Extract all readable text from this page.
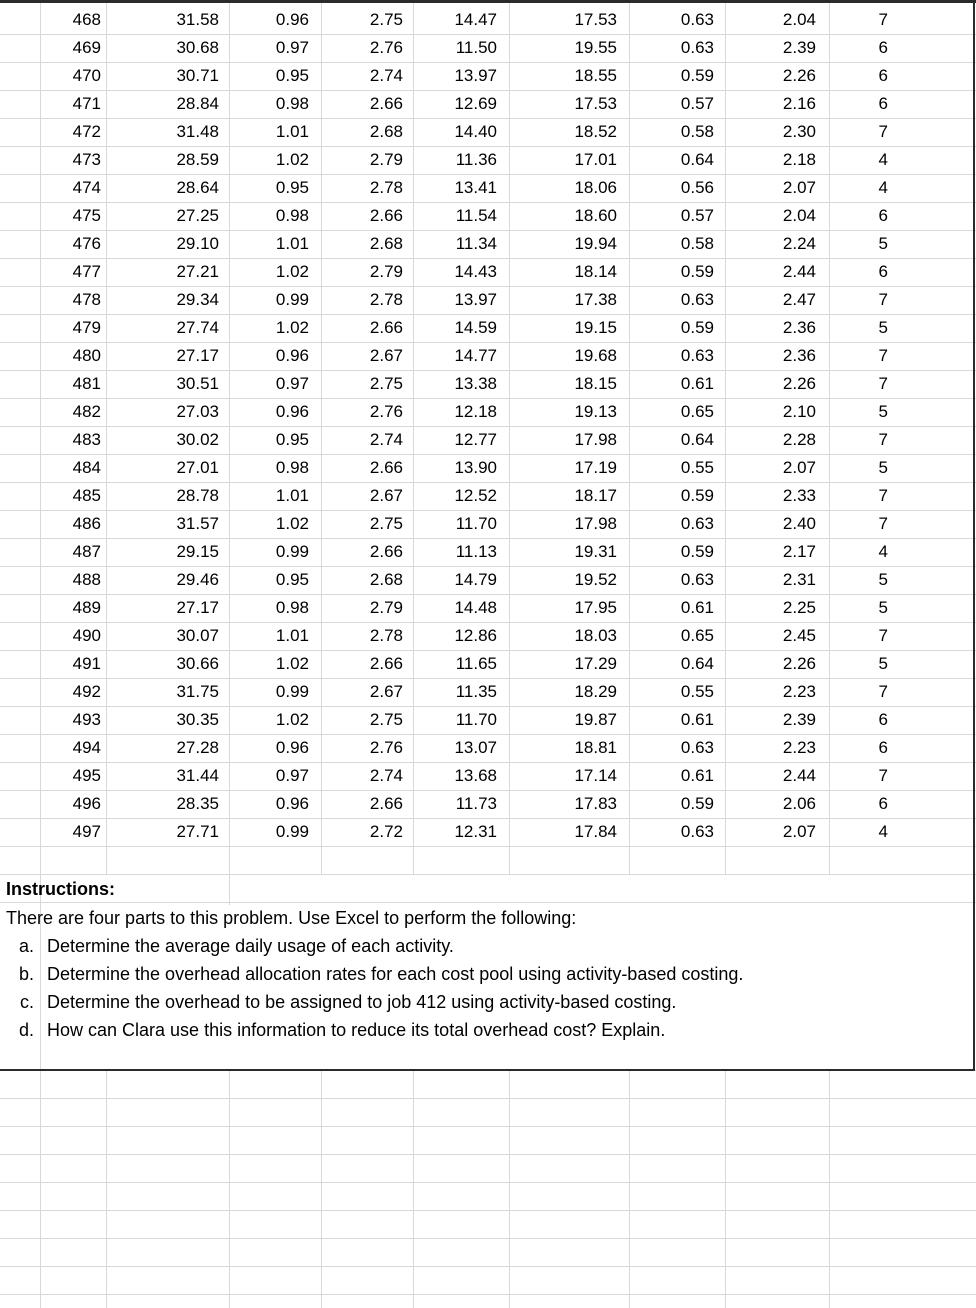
468	31.58	0.96	2.75	14.47	17.53	0.63	2.04	7
469	30.68	0.97	2.76	11.50	19.55	0.63	2.39	6
470	30.71	0.95	2.74	13.97	18.55	0.59	2.26	6
471	28.84	0.98	2.66	12.69	17.53	0.57	2.16	6
472	31.48	1.01	2.68	14.40	18.52	0.58	2.30	7
473	28.59	1.02	2.79	11.36	17.01	0.64	2.18	4
474	28.64	0.95	2.78	13.41	18.06	0.56	2.07	4
475	27.25	0.98	2.66	11.54	18.60	0.57	2.04	6
476	29.10	1.01	2.68	11.34	19.94	0.58	2.24	5
477	27.21	1.02	2.79	14.43	18.14	0.59	2.44	6
478	29.34	0.99	2.78	13.97	17.38	0.63	2.47	7
479	27.74	1.02	2.66	14.59	19.15	0.59	2.36	5
480	27.17	0.96	2.67	14.77	19.68	0.63	2.36	7
481	30.51	0.97	2.75	13.38	18.15	0.61	2.26	7
482	27.03	0.96	2.76	12.18	19.13	0.65	2.10	5
483	30.02	0.95	2.74	12.77	17.98	0.64	2.28	7
484	27.01	0.98	2.66	13.90	17.19	0.55	2.07	5
485	28.78	1.01	2.67	12.52	18.17	0.59	2.33	7
486	31.57	1.02	2.75	11.70	17.98	0.63	2.40	7
487	29.15	0.99	2.66	11.13	19.31	0.59	2.17	4
488	29.46	0.95	2.68	14.79	19.52	0.63	2.31	5
489	27.17	0.98	2.79	14.48	17.95	0.61	2.25	5
490	30.07	1.01	2.78	12.86	18.03	0.65	2.45	7
491	30.66	1.02	2.66	11.65	17.29	0.64	2.26	5
492	31.75	0.99	2.67	11.35	18.29	0.55	2.23	7
493	30.35	1.02	2.75	11.70	19.87	0.61	2.39	6
494	27.28	0.96	2.76	13.07	18.81	0.63	2.23	6
495	31.44	0.97	2.74	13.68	17.14	0.61	2.44	7
496	28.35	0.96	2.66	11.73	17.83	0.59	2.06	6
497	27.71	0.99	2.72	12.31	17.84	0.63	2.07	4
Instructions:
There are four parts to this problem. Use Excel to perform the following:
a. Determine the average daily usage of each activity.
b. Determine the overhead allocation rates for each cost pool using activity-based costing.
c. Determine the overhead to be assigned to job 412 using activity-based costing.
d. How can Clara use this information to reduce its total overhead cost? Explain.
